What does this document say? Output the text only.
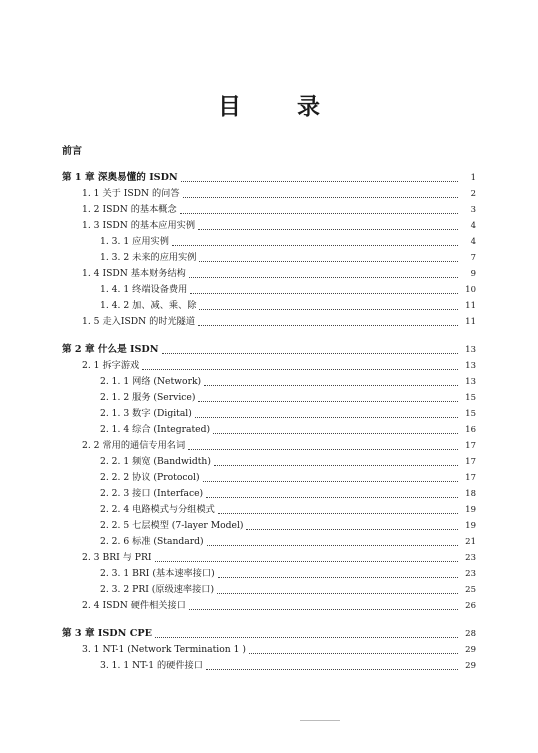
目 录
前言
第 1 章 深奥易懂的 ISDN	1
1. 1 关于 ISDN 的问答	2
1. 2 ISDN 的基本概念	3
1. 3 ISDN 的基本应用实例	4
1. 3. 1 应用实例	4
1. 3. 2 未来的应用实例	7
1. 4 ISDN 基本财务结构	9
1. 4. 1 终端设备费用	10
1. 4. 2 加、减、乘、除	11
1. 5 走入ISDN 的时光隧道	11
第 2 章 什么是 ISDN	13
2. 1 拆字游戏	13
2. 1. 1 网络 (Network)	13
2. 1. 2 服务 (Service)	15
2. 1. 3 数字 (Digital)	15
2. 1. 4 综合 (Integrated)	16
2. 2 常用的通信专用名词	17
2. 2. 1 频宽 (Bandwidth)	17
2. 2. 2 协议 (Protocol)	17
2. 2. 3 接口 (Interface)	18
2. 2. 4 电路模式与分组模式	19
2. 2. 5 七层模型 (7-layer Model)	19
2. 2. 6 标准 (Standard)	21
2. 3 BRI 与 PRI	23
2. 3. 1 BRI (基本速率接口)	23
2. 3. 2 PRI (原级速率接口)	25
2. 4 ISDN 硬件相关接口	26
第 3 章 ISDN CPE	28
3. 1 NT-1 (Network Termination 1 )	29
3. 1. 1 NT-1 的硬件接口	29
